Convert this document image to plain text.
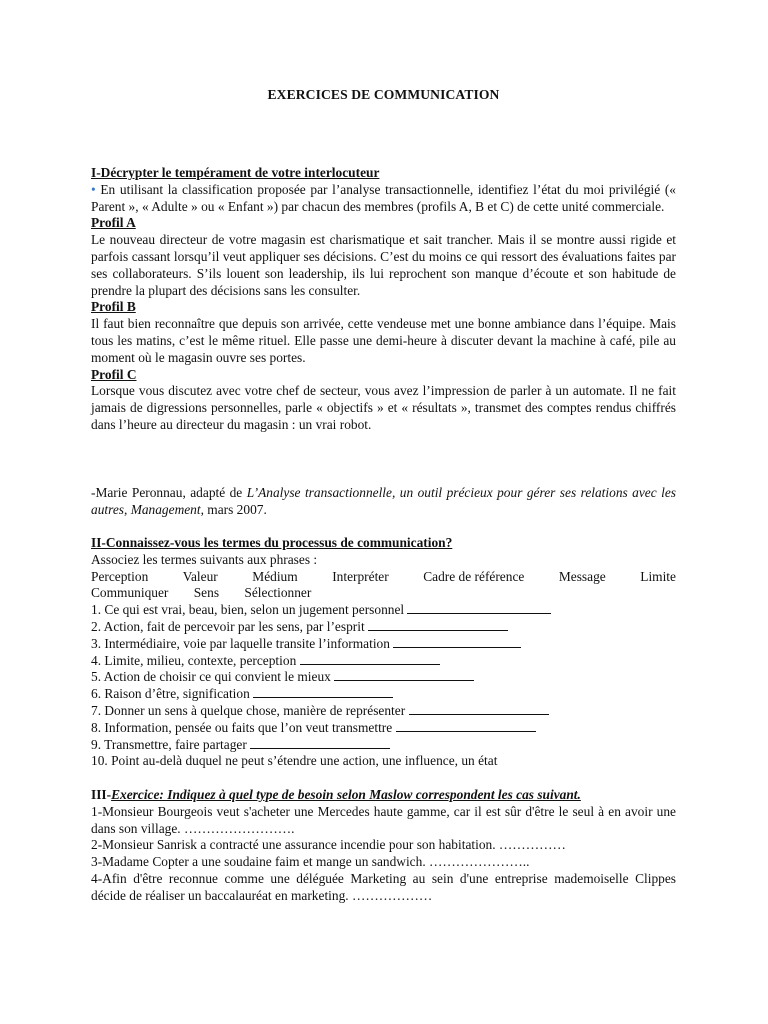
EXERCICES DE COMMUNICATION
I-Décrypter le tempérament de votre interlocuteur

• En utilisant la classification proposée par l’analyse transactionnelle, identifiez l’état du moi privilégié (« Parent », « Adulte » ou « Enfant ») par chacun des membres (profils A, B et C) de cette unité commerciale.

Profil A

Le nouveau directeur de votre magasin est charismatique et sait trancher. Mais il se montre aussi rigide et parfois cassant lorsqu’il veut appliquer ses décisions. C’est du moins ce qui ressort des évaluations faites par ses collaborateurs. S’ils louent son leadership, ils lui reprochent son manque d’écoute et son habitude de prendre la plupart des décisions sans les consulter.

Profil B

Il faut bien reconnaître que depuis son arrivée, cette vendeuse met une bonne ambiance dans l’équipe. Mais tous les matins, c’est le même rituel. Elle passe une demi-heure à discuter devant la machine à café, pile au moment où le magasin ouvre ses portes.

Profil C

Lorsque vous discutez avec votre chef de secteur, vous avez l’impression de parler à un automate. Il ne fait jamais de digressions personnelles, parle « objectifs » et « résultats », transmet des comptes rendus chiffrés dans l’heure au directeur du magasin : un vrai robot.

-Marie Peronnau, adapté de L’Analyse transactionnelle, un outil précieux pour gérer ses relations avec les autres, Management, mars 2007.
II-Connaissez-vous les termes du processus de communication?
Associez les termes suivants aux phrases :
Perception	Valeur	Médium	Interpréter	Cadre de référence	Message	Limite
Communiquer Sens Sélectionner
1. Ce qui est vrai, beau, bien, selon un jugement personnel
2. Action, fait de percevoir par les sens, par l’esprit
3. Intermédiaire, voie par laquelle transite l’information
4. Limite, milieu, contexte, perception
5. Action de choisir ce qui convient le mieux
6. Raison d’être, signification
7. Donner un sens à quelque chose, manière de représenter
8. Information, pensée ou faits que l’on veut transmettre
9. Transmettre, faire partager
10. Point au-delà duquel ne peut s’étendre une action, une influence, un état
III-Exercice: Indiquez à quel type de besoin selon Maslow correspondent les cas suivant.

1-Monsieur Bourgeois veut s'acheter une Mercedes haute gamme, car il est sûr d'être le seul à en avoir une dans son village. …………………….

2-Monsieur Sanrisk a contracté une assurance incendie pour son habitation. ……………

3-Madame Copter a une soudaine faim et mange un sandwich. …………………..

4-Afin d'être reconnue comme une déléguée Marketing au sein d'une entreprise mademoiselle Clippes décide de réaliser un baccalauréat en marketing. ………………
